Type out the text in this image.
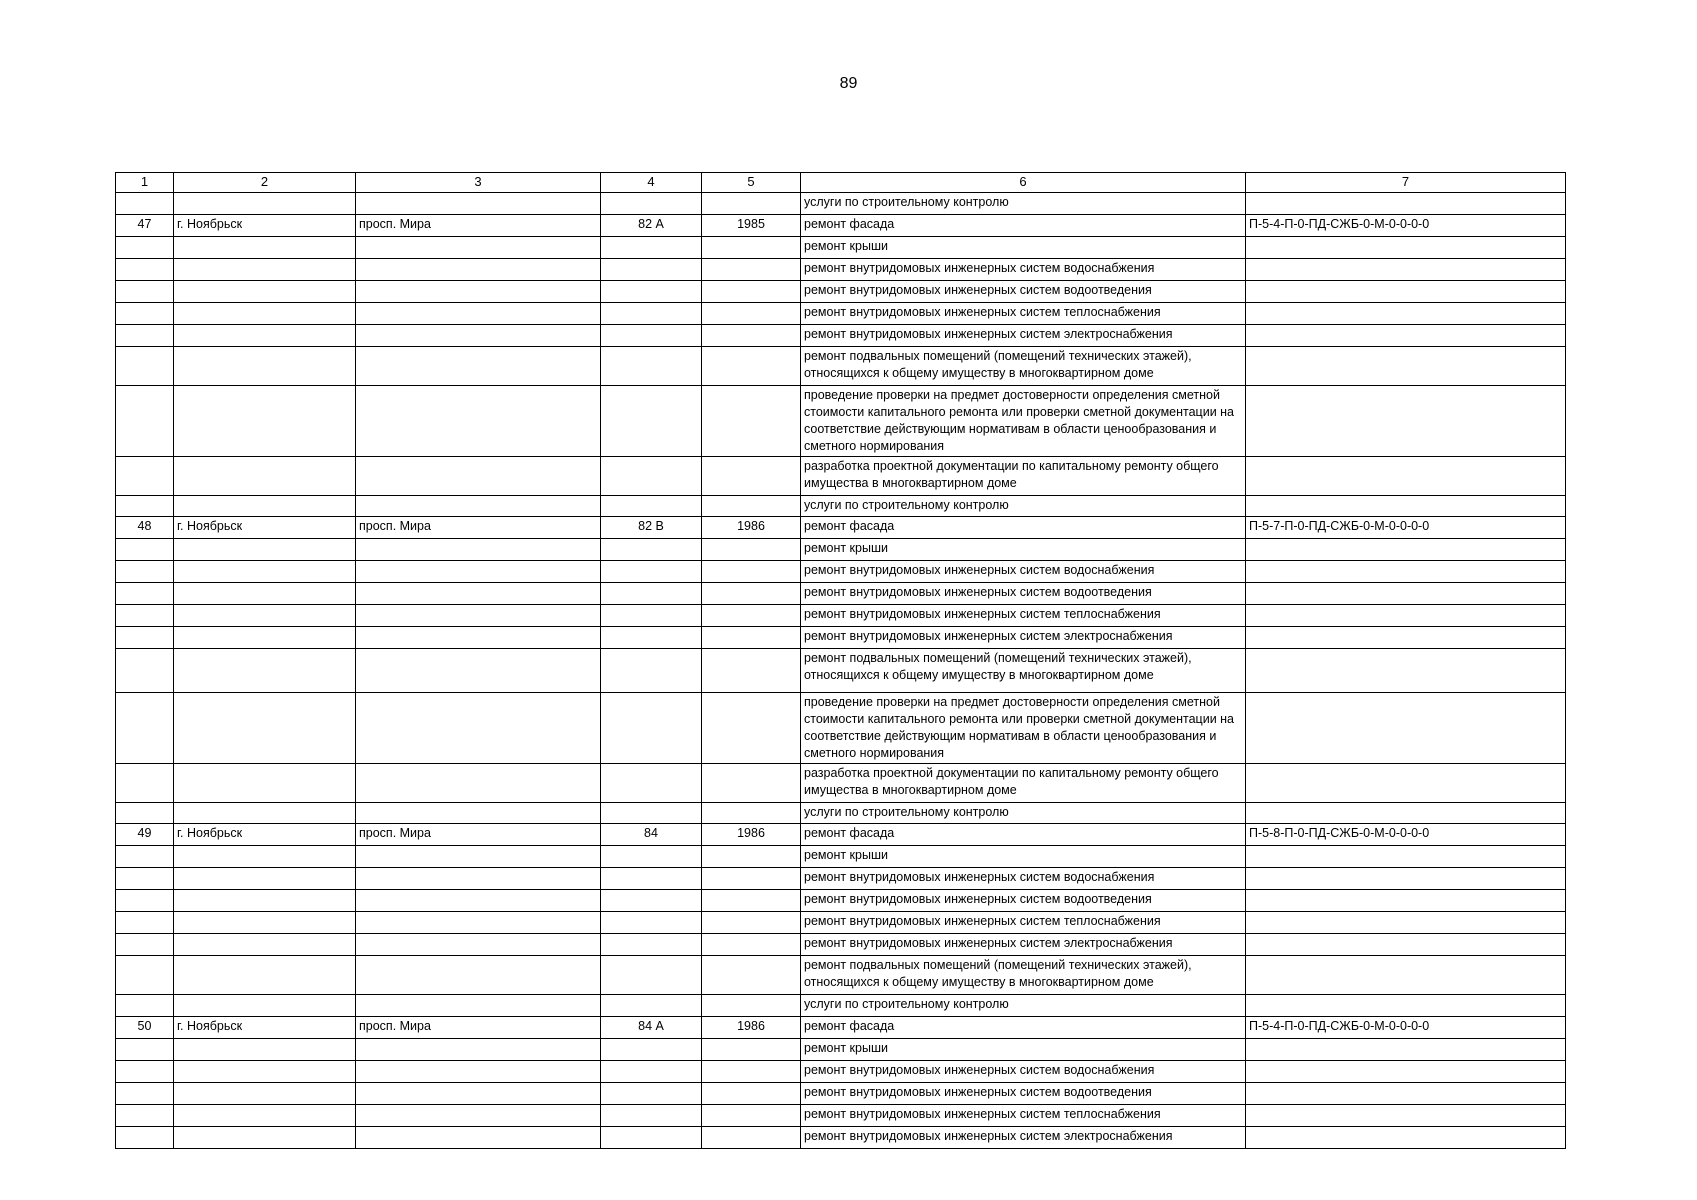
89
1	2	3	4	5	6	7
					услуги по строительному контролю	
47	г. Ноябрьск	просп. Мира	82 А	1985	ремонт фасада	П-5-4-П-0-ПД-СЖБ-0-М-0-0-0-0
					ремонт крыши	
					ремонт внутридомовых инженерных систем водоснабжения	
					ремонт внутридомовых инженерных систем водоотведения	
					ремонт внутридомовых инженерных систем теплоснабжения	
					ремонт внутридомовых инженерных систем электроснабжения	
					ремонт подвальных помещений (помещений технических этажей), относящихся к общему имуществу в многоквартирном доме	
					проведение проверки на предмет достоверности определения сметной стоимости капитального ремонта или проверки сметной документации на соответствие действующим нормативам в области ценообразования и сметного нормирования	
					разработка проектной документации по капитальному ремонту общего имущества в многоквартирном доме	
					услуги по строительному контролю	
48	г. Ноябрьск	просп. Мира	82 В	1986	ремонт фасада	П-5-7-П-0-ПД-СЖБ-0-М-0-0-0-0
					ремонт крыши	
					ремонт внутридомовых инженерных систем водоснабжения	
					ремонт внутридомовых инженерных систем водоотведения	
					ремонт внутридомовых инженерных систем теплоснабжения	
					ремонт внутридомовых инженерных систем электроснабжения	
					ремонт подвальных помещений (помещений технических этажей), относящихся к общему имуществу в многоквартирном доме	
					проведение проверки на предмет достоверности определения сметной стоимости капитального ремонта или проверки сметной документации на соответствие действующим нормативам в области ценообразования и сметного нормирования	
					разработка проектной документации по капитальному ремонту общего имущества в многоквартирном доме	
					услуги по строительному контролю	
49	г. Ноябрьск	просп. Мира	84	1986	ремонт фасада	П-5-8-П-0-ПД-СЖБ-0-М-0-0-0-0
					ремонт крыши	
					ремонт внутридомовых инженерных систем водоснабжения	
					ремонт внутридомовых инженерных систем водоотведения	
					ремонт внутридомовых инженерных систем теплоснабжения	
					ремонт внутридомовых инженерных систем электроснабжения	
					ремонт подвальных помещений (помещений технических этажей), относящихся к общему имуществу в многоквартирном доме	
					услуги по строительному контролю	
50	г. Ноябрьск	просп. Мира	84 А	1986	ремонт фасада	П-5-4-П-0-ПД-СЖБ-0-М-0-0-0-0
					ремонт крыши	
					ремонт внутридомовых инженерных систем водоснабжения	
					ремонт внутридомовых инженерных систем водоотведения	
					ремонт внутридомовых инженерных систем теплоснабжения	
					ремонт внутридомовых инженерных систем электроснабжения	
